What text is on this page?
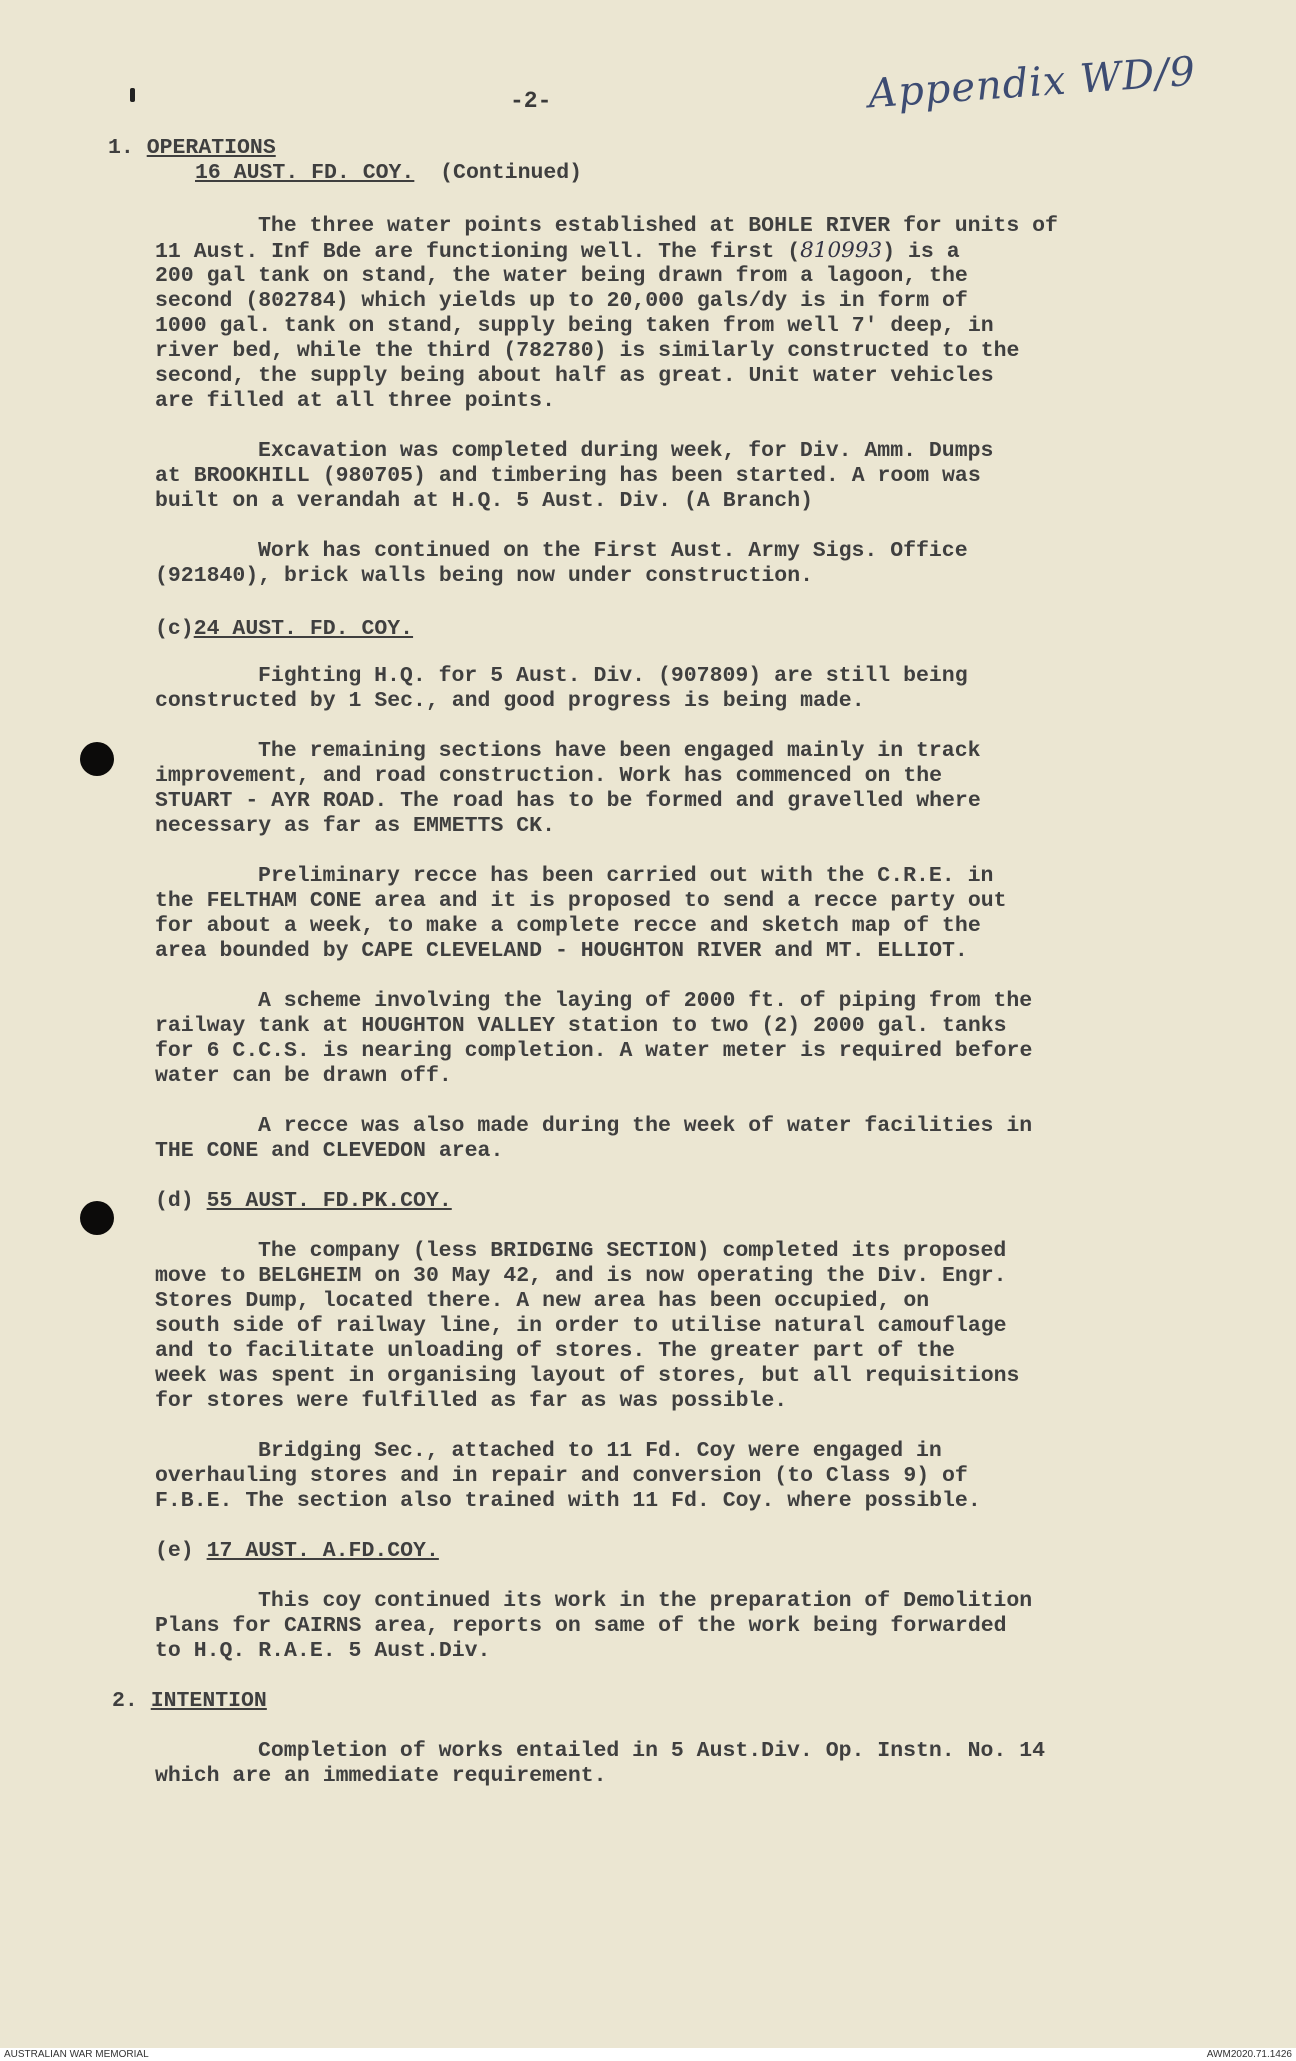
-2-	Appendix WD/9
1. OPERATIONS
16 AUST. FD. COY. (Continued)
The three water points established at BOHLE RIVER for units of
11 Aust. Inf Bde are functioning well. The first (810993) is a
200 gal tank on stand, the water being drawn from a lagoon, the
second (802784) which yields up to 20,000 gals/dy is in form of
1000 gal. tank on stand, supply being taken from well 7' deep, in
river bed, while the third (782780) is similarly constructed to the
second, the supply being about half as great. Unit water vehicles
are filled at all three points.
Excavation was completed during week, for Div. Amm. Dumps
at BROOKHILL (980705) and timbering has been started. A room was
built on a verandah at H.Q. 5 Aust. Div. (A Branch)
Work has continued on the First Aust. Army Sigs. Office
(921840), brick walls being now under construction.
(c)24 AUST. FD. COY.
Fighting H.Q. for 5 Aust. Div. (907809) are still being
constructed by 1 Sec., and good progress is being made.
The remaining sections have been engaged mainly in track
improvement, and road construction. Work has commenced on the
STUART - AYR ROAD. The road has to be formed and gravelled where
necessary as far as EMMETTS CK.
Preliminary recce has been carried out with the C.R.E. in
the FELTHAM CONE area and it is proposed to send a recce party out
for about a week, to make a complete recce and sketch map of the
area bounded by CAPE CLEVELAND - HOUGHTON RIVER and MT. ELLIOT.
A scheme involving the laying of 2000 ft. of piping from the
railway tank at HOUGHTON VALLEY station to two (2) 2000 gal. tanks
for 6 C.C.S. is nearing completion. A water meter is required before
water can be drawn off.
A recce was also made during the week of water facilities in
THE CONE and CLEVEDON area.
(d) 55 AUST. FD.PK.COY.
The company (less BRIDGING SECTION) completed its proposed
move to BELGHEIM on 30 May 42, and is now operating the Div. Engr.
Stores Dump, located there. A new area has been occupied, on
south side of railway line, in order to utilise natural camouflage
and to facilitate unloading of stores. The greater part of the
week was spent in organising layout of stores, but all requisitions
for stores were fulfilled as far as was possible.
Bridging Sec., attached to 11 Fd. Coy were engaged in
overhauling stores and in repair and conversion (to Class 9) of
F.B.E. The section also trained with 11 Fd. Coy. where possible.
(e) 17 AUST. A.FD.COY.
This coy continued its work in the preparation of Demolition
Plans for CAIRNS area, reports on same of the work being forwarded
to H.Q. R.A.E. 5 Aust.Div.
2. INTENTION
Completion of works entailed in 5 Aust.Div. Op. Instn. No. 14
which are an immediate requirement.
AUSTRALIAN WAR MEMORIAL	AWM2020.71.1426
